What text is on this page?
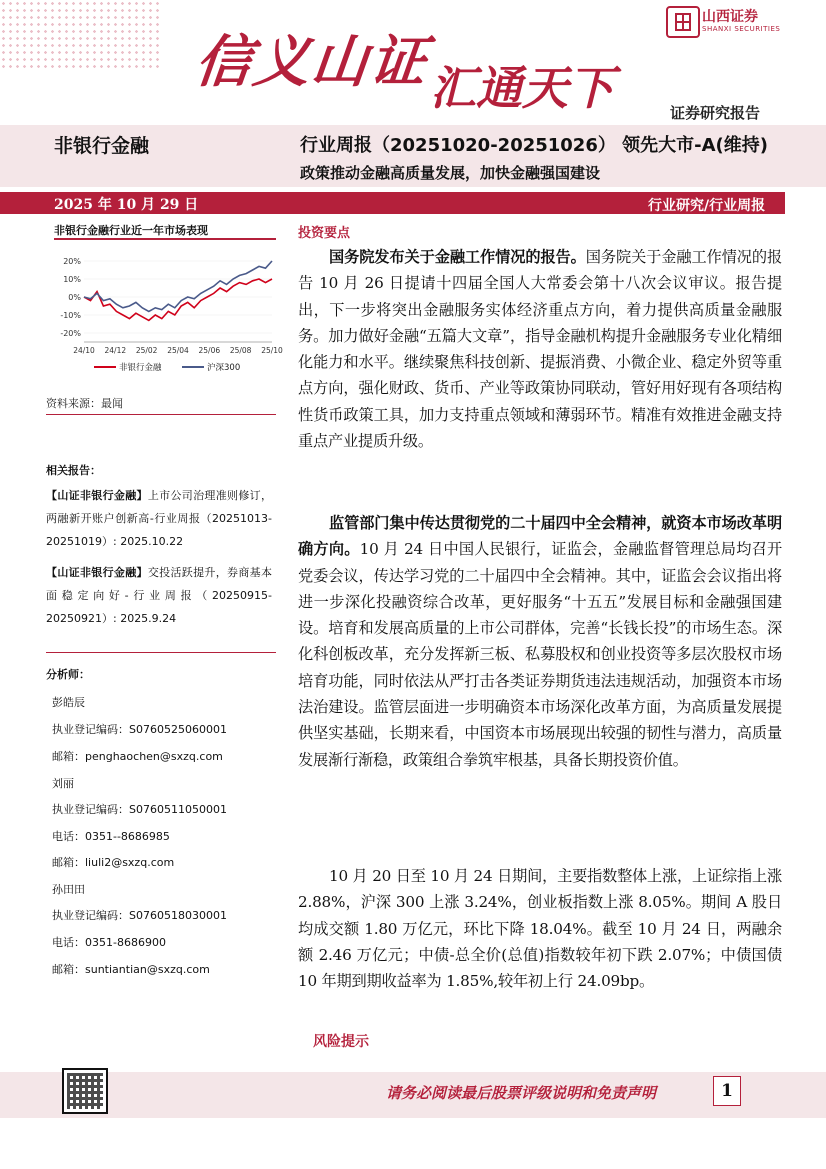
信义山证
汇通天下
山西证券
SHANXI SECURITIES
证券研究报告
非银行金融	行业周报（20251020-20251026） 领先大市-A(维持)
政策推动金融高质量发展，加快金融强国建设
2025 年 10 月 29 日	行业研究/行业周报
非银行金融行业近一年市场表现
20%
10%
0%
-10%
-20%
24/10 24/12 25/02 25/04 25/06 25/08 25/10
非银行金融	沪深300
资料来源：最闻
相关报告：
【山证非银行金融】上市公司治理准则修订，两融新开账户创新高-行业周报（20251013-20251019）: 2025.10.22
【山证非银行金融】交投活跃提升，券商基本面稳定向好-行业周报（20250915-20250921）: 2025.9.24
分析师：
彭皓辰
执业登记编码：S0760525060001
邮箱：penghaochen@sxzq.com
刘丽
执业登记编码：S0760511050001
电话：0351--8686985
邮箱：liuli2@sxzq.com
孙田田
执业登记编码：S0760518030001
电话：0351-8686900
邮箱：suntiantian@sxzq.com
投资要点
国务院发布关于金融工作情况的报告。国务院关于金融工作情况的报告 10 月 26 日提请十四届全国人大常委会第十八次会议审议。报告提出，下一步将突出金融服务实体经济重点方向，着力提供高质量金融服务。加力做好金融“五篇大文章”，指导金融机构提升金融服务专业化精细化能力和水平。继续聚焦科技创新、提振消费、小微企业、稳定外贸等重点方向，强化财政、货币、产业等政策协同联动，管好用好现有各项结构性货币政策工具，加力支持重点领域和薄弱环节。精准有效推进金融支持重点产业提质升级。
监管部门集中传达贯彻党的二十届四中全会精神，就资本市场改革明确方向。10 月 24 日中国人民银行，证监会，金融监督管理总局均召开党委会议，传达学习党的二十届四中全会精神。其中，证监会会议指出将进一步深化投融资综合改革，更好服务“十五五”发展目标和金融强国建设。培育和发展高质量的上市公司群体，完善“长钱长投”的市场生态。深化科创板改革，充分发挥新三板、私募股权和创业投资等多层次股权市场培育功能，同时依法从严打击各类证券期货违法违规活动，加强资本市场法治建设。监管层面进一步明确资本市场深化改革方面，为高质量发展提供坚实基础，长期来看，中国资本市场展现出较强的韧性与潜力，高质量发展渐行渐稳，政策组合拳筑牢根基，具备长期投资价值。
10 月 20 日至 10 月 24 日期间，主要指数整体上涨，上证综指上涨 2.88%，沪深 300 上涨 3.24%，创业板指数上涨 8.05%。期间 A 股日均成交额 1.80 万亿元，环比下降 18.04%。截至 10 月 24 日，两融余额 2.46 万亿元；中债-总全价(总值)指数较年初下跌 2.07%；中债国债 10 年期到期收益率为 1.85%,较年初上行 24.09bp。
风险提示
请务必阅读最后股票评级说明和免责声明	1
